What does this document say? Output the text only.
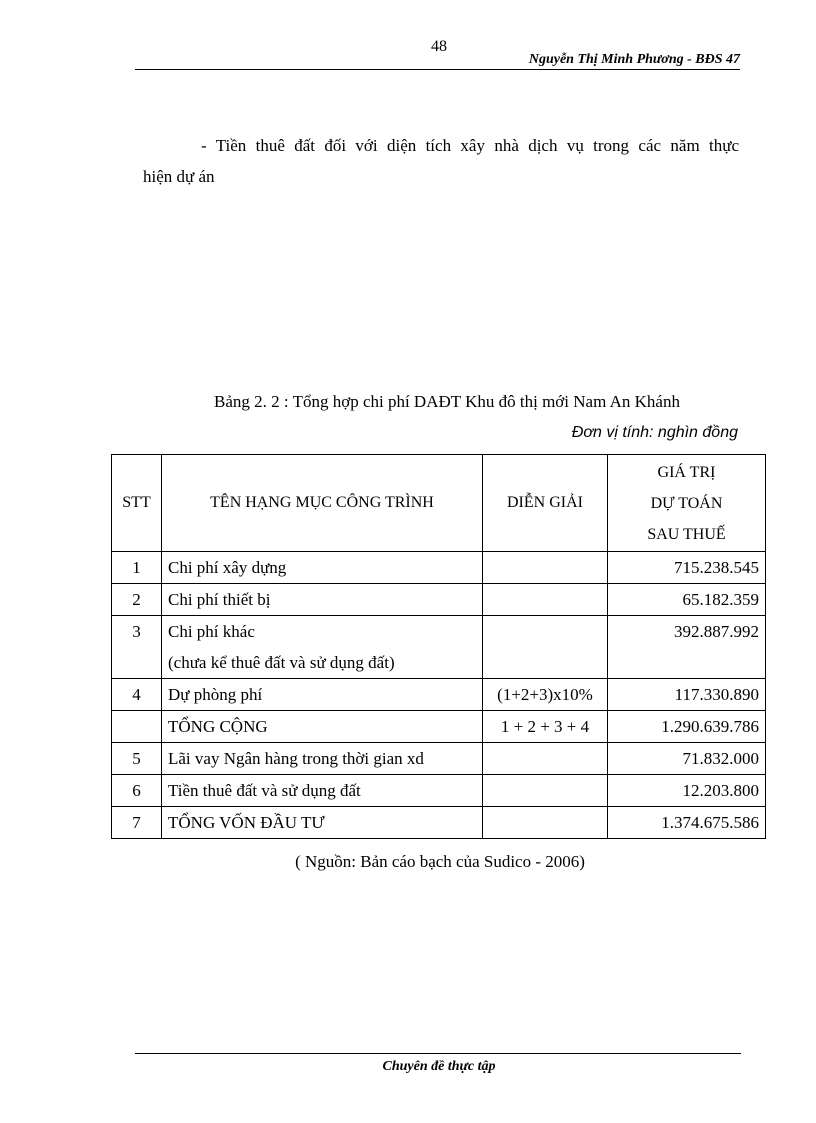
48
Nguyễn Thị Minh Phương - BĐS 47

- Tiền thuê đất đối với diện tích xây nhà dịch vụ trong các năm thực

hiện dự án

Bảng 2. 2 : Tổng hợp chi phí DAĐT Khu đô thị mới Nam An Khánh
Đơn vị tính: nghìn đồng
STT	TÊN HẠNG MỤC CÔNG TRÌNH	DIỄN GIẢI	GIÁ TRỊ
DỰ TOÁN
SAU THUẾ

1	Chi phí xây dựng		715.238.545
2	Chi phí thiết bị		65.182.359
3	Chi phí khác
(chưa kể thuê đất và sử dụng đất)		392.887.992
4	Dự phòng phí	(1+2+3)x10%	117.330.890
	TỔNG CỘNG	1 + 2 + 3 + 4	1.290.639.786
5	Lãi vay Ngân hàng trong thời gian xd		71.832.000
6	Tiền thuê đất và sử dụng đất		12.203.800
7	TỔNG VỐN ĐẦU TƯ		1.374.675.586
( Nguồn: Bản cáo bạch của Sudico - 2006)
Chuyên đề thực tập
